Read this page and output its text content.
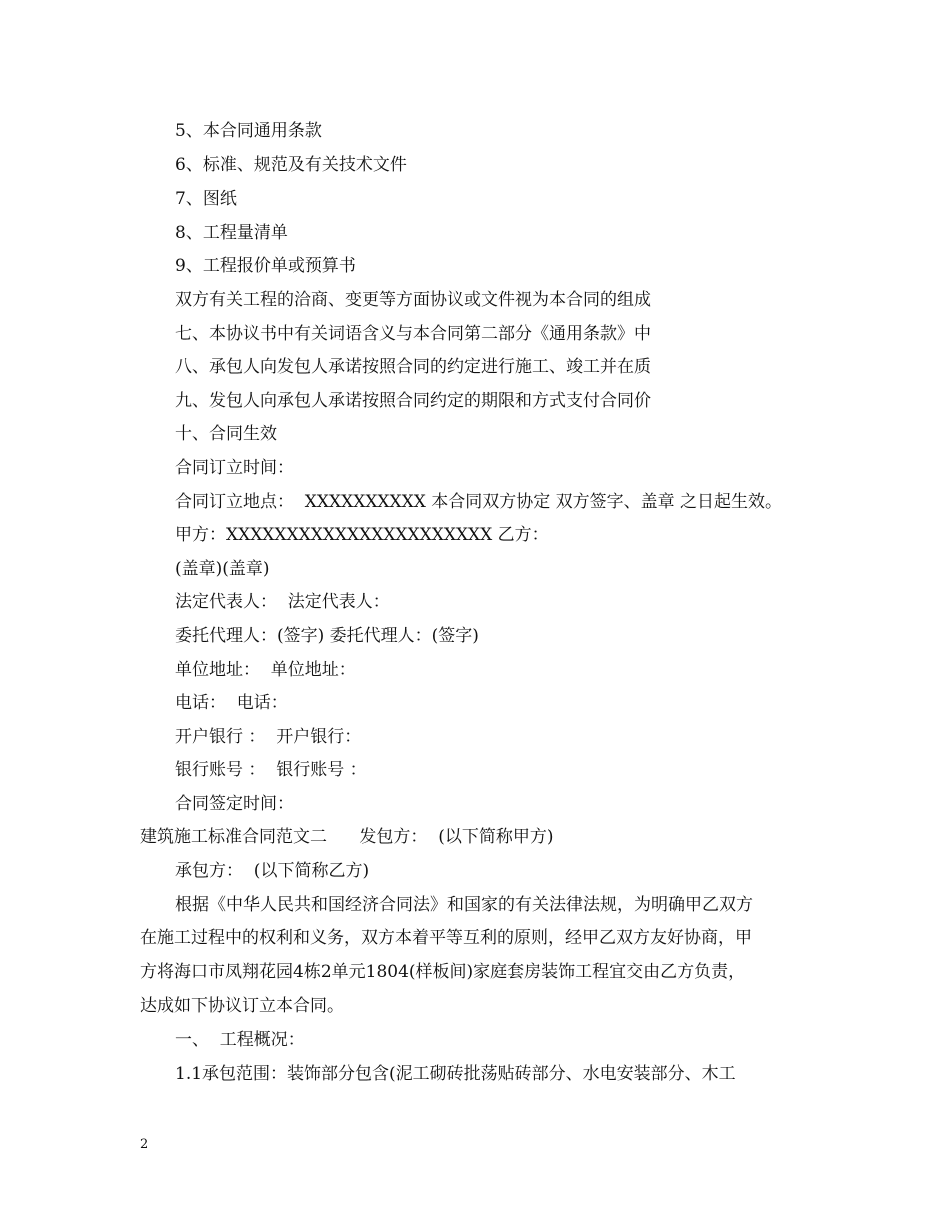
5、本合同通用条款
6、标准、规范及有关技术文件
7、图纸
8、工程量清单
9、工程报价单或预算书
双方有关工程的洽商、变更等方面协议或文件视为本合同的组成
七、本协议书中有关词语含义与本合同第二部分《通用条款》中
八、承包人向发包人承诺按照合同的约定进行施工、竣工并在质
九、发包人向承包人承诺按照合同约定的期限和方式支付合同价
十、合同生效
合同订立时间：
合同订立地点：  XXXXXXXXXX 本合同双方协定 双方签字、盖章 之日起生效。
甲方：XXXXXXXXXXXXXXXXXXXXXX 乙方：
(盖章)(盖章)
法定代表人：  法定代表人：
委托代理人：(签字) 委托代理人：(签字)
单位地址：  单位地址：
电话：  电话：
开户银行 ：  开户银行：
银行账号 ：  银行账号 ：
合同签定时间：
建筑施工标准合同范文二      发包方：  (以下简称甲方)
承包方：  (以下简称乙方)
根据《中华人民共和国经济合同法》和国家的有关法律法规，为明确甲乙双方
在施工过程中的权利和义务，双方本着平等互利的原则，经甲乙双方友好协商，甲
方将海口市凤翔花园4栋2单元1804(样板间)家庭套房装饰工程宜交由乙方负责，
达成如下协议订立本合同。
一、  工程概况：
1.1承包范围：装饰部分包含(泥工砌砖批荡贴砖部分、水电安装部分、木工
2
